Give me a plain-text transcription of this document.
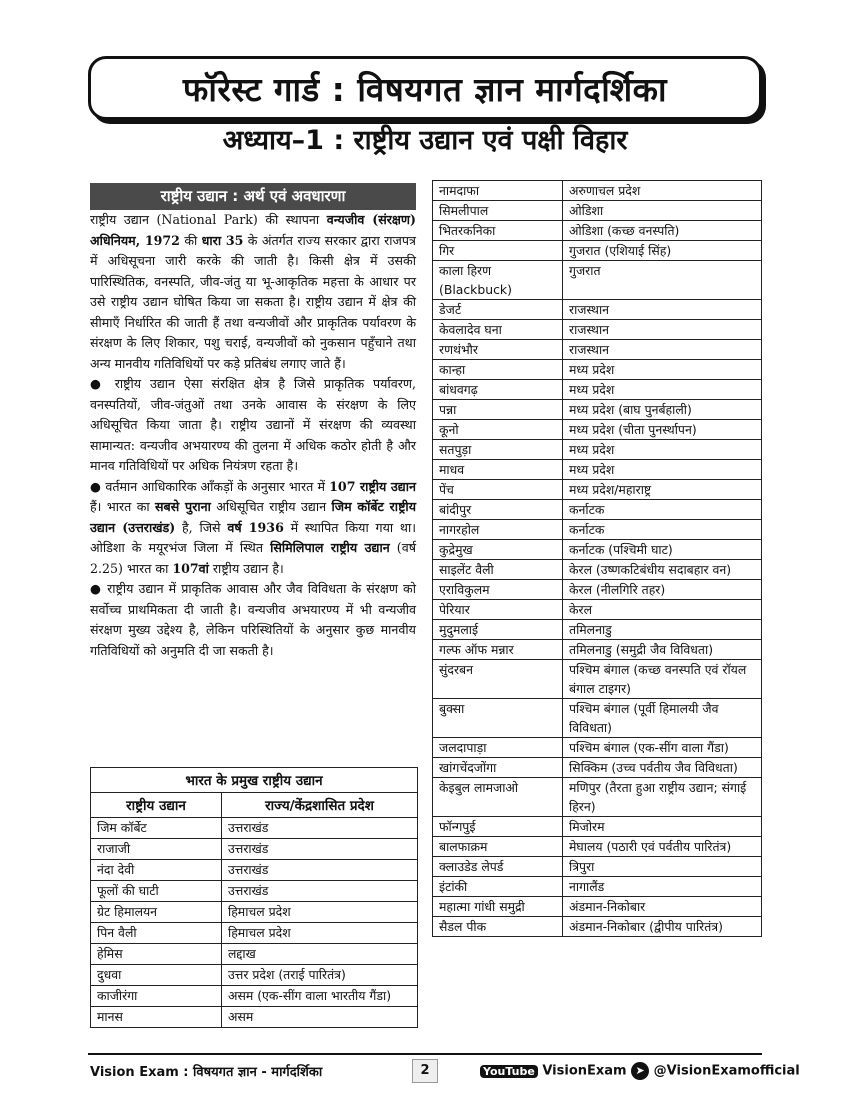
फॉरेस्ट गार्ड : विषयगत ज्ञान मार्गदर्शिका
अध्याय–1 : राष्ट्रीय उद्यान एवं पक्षी विहार
राष्ट्रीय उद्यान : अर्थ एवं अवधारणा

राष्ट्रीय उद्यान (National Park) की स्थापना वन्यजीव (संरक्षण) अधिनियम, 1972 की धारा 35 के अंतर्गत राज्य सरकार द्वारा राजपत्र में अधिसूचना जारी करके की जाती है। किसी क्षेत्र में उसकी पारिस्थितिक, वनस्पति, जीव-जंतु या भू-आकृतिक महत्ता के आधार पर उसे राष्ट्रीय उद्यान घोषित किया जा सकता है। राष्ट्रीय उद्यान में क्षेत्र की सीमाएँ निर्धारित की जाती हैं तथा वन्यजीवों और प्राकृतिक पर्यावरण के संरक्षण के लिए शिकार, पशु चराई, वन्यजीवों को नुकसान पहुँचाने तथा अन्य मानवीय गतिविधियों पर कड़े प्रतिबंध लगाए जाते हैं।

● राष्ट्रीय उद्यान ऐसा संरक्षित क्षेत्र है जिसे प्राकृतिक पर्यावरण, वनस्पतियों, जीव-जंतुओं तथा उनके आवास के संरक्षण के लिए अधिसूचित किया जाता है। राष्ट्रीय उद्यानों में संरक्षण की व्यवस्था सामान्यत: वन्यजीव अभयारण्य की तुलना में अधिक कठोर होती है और मानव गतिविधियों पर अधिक नियंत्रण रहता है।

● वर्तमान आधिकारिक आँकड़ों के अनुसार भारत में 107 राष्ट्रीय उद्यान हैं। भारत का सबसे पुराना अधिसूचित राष्ट्रीय उद्यान जिम कॉर्बेट राष्ट्रीय उद्यान (उत्तराखंड) है, जिसे वर्ष 1936 में स्थापित किया गया था। ओडिशा के मयूरभंज जिला में स्थित सिमिलिपाल राष्ट्रीय उद्यान (वर्ष 2.25) भारत का 107वां राष्ट्रीय उद्यान है।

● राष्ट्रीय उद्यान में प्राकृतिक आवास और जैव विविधता के संरक्षण को सर्वोच्च प्राथमिकता दी जाती है। वन्यजीव अभयारण्य में भी वन्यजीव संरक्षण मुख्य उद्देश्य है, लेकिन परिस्थितियों के अनुसार कुछ मानवीय गतिविधियों को अनुमति दी जा सकती है।

भारत के प्रमुख राष्ट्रीय उद्यान	
राष्ट्रीय उद्यान	राज्य/केंद्रशासित प्रदेश
जिम कॉर्बेट	उत्तराखंड
राजाजी	उत्तराखंड
नंदा देवी	उत्तराखंड
फूलों की घाटी	उत्तराखंड
ग्रेट हिमालयन	हिमाचल प्रदेश
पिन वैली	हिमाचल प्रदेश
हेमिस	लद्दाख
दुधवा	उत्तर प्रदेश (तराई पारितंत्र)
काजीरंगा	असम (एक-सींग वाला भारतीय गैंडा)
मानस	असम
नामदाफा	अरुणाचल प्रदेश
सिमलीपाल	ओडिशा
भितरकनिका	ओडिशा (कच्छ वनस्पति)
गिर	गुजरात (एशियाई सिंह)
काला हिरण (Blackbuck)	गुजरात
डेजर्ट	राजस्थान
केवलादेव घना	राजस्थान
रणथंभौर	राजस्थान
कान्हा	मध्य प्रदेश
बांधवगढ़	मध्य प्रदेश
पन्ना	मध्य प्रदेश (बाघ पुनर्बहाली)
कूनो	मध्य प्रदेश (चीता पुनर्स्थापन)
सतपुड़ा	मध्य प्रदेश
माधव	मध्य प्रदेश
पेंच	मध्य प्रदेश/महाराष्ट्र
बांदीपुर	कर्नाटक
नागरहोल	कर्नाटक
कुद्रेमुख	कर्नाटक (पश्चिमी घाट)
साइलेंट वैली	केरल (उष्णकटिबंधीय सदाबहार वन)
एराविकुलम	केरल (नीलगिरि तहर)
पेरियार	केरल
मुदुमलाई	तमिलनाडु
गल्फ ऑफ मन्नार	तमिलनाडु (समुद्री जैव विविधता)
सुंदरबन	पश्चिम बंगाल (कच्छ वनस्पति एवं रॉयल बंगाल टाइगर)
बुक्सा	पश्चिम बंगाल (पूर्वी हिमालयी जैव विविधता)
जलदापाड़ा	पश्चिम बंगाल (एक-सींग वाला गैंडा)
खांगचेंदजोंगा	सिक्किम (उच्च पर्वतीय जैव विविधता)
केइबुल लामजाओ	मणिपुर (तैरता हुआ राष्ट्रीय उद्यान; संगाई हिरन)
फॉन्गपुई	मिजोरम
बालफाक्रम	मेघालय (पठारी एवं पर्वतीय पारितंत्र)
क्लाउडेड लेपर्ड	त्रिपुरा
इंटांकी	नागालैंड
महात्मा गांधी समुद्री	अंडमान-निकोबार
सैडल पीक	अंडमान-निकोबार (द्वीपीय पारितंत्र)
Vision Exam : विषयगत ज्ञान - मार्गदर्शिका	2	YouTube VisionExam ➤ @VisionExamofficial
